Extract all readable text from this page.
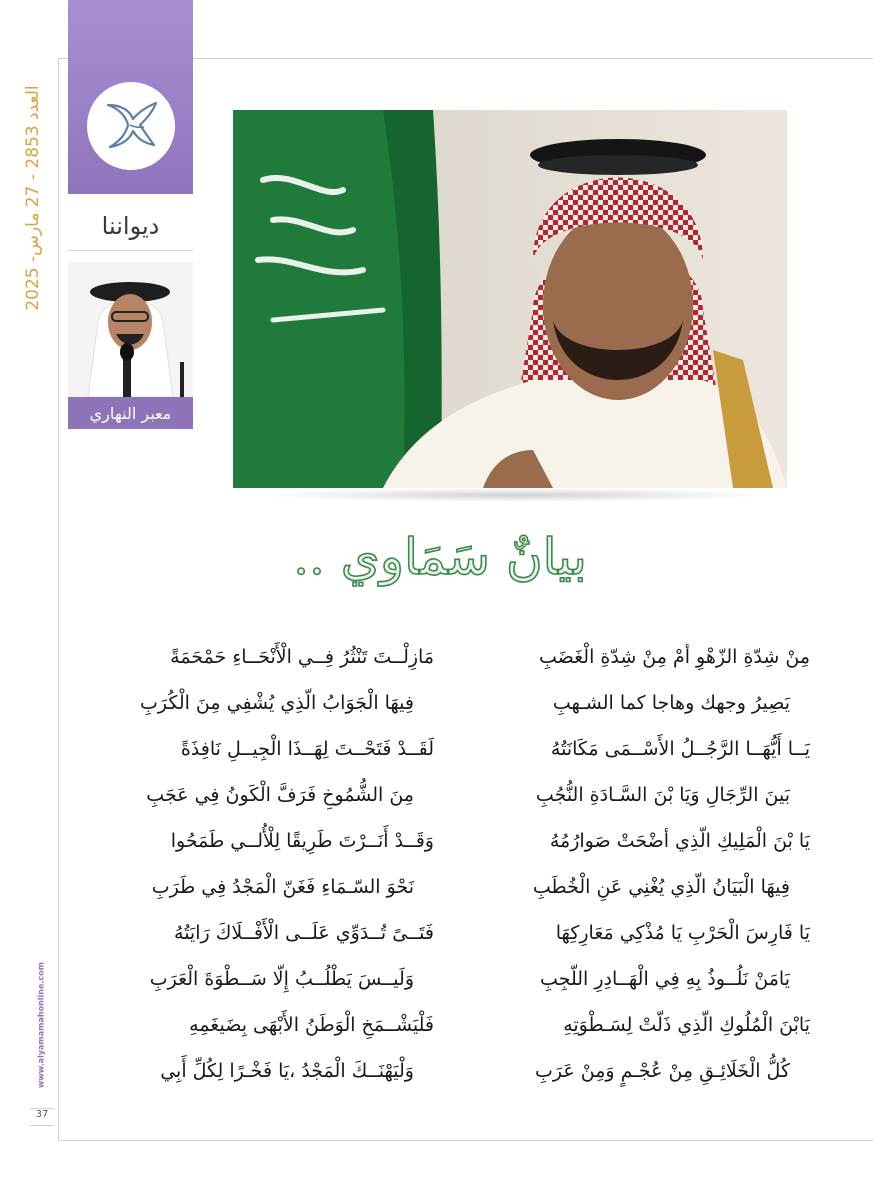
العدد 2853 - 27 مارس- 2025
ديواننا
معبر النهاري
بيانٌ سَمَاوي ..
مِنْ شِدّةِ الزّهْوِ أمْ مِنْ شِدّةِ الْغَضَبِ
يَصِيرُ وجهك وهاجا كما الشـهبِ
يَــا أَيُّهَــا الرَّجُــلُ الأَسْــمَى مَكَانَتُهُ
بَينَ الرِّجَالِ وَيَا بْنَ السَّـادَةِ النُّجُبِ
يَا بْنَ الْمَلِيكِ الّذِي أضْحَتْ صَوارُمُهُ
فِيهَا الْبَيَانُ الّذِي يُغْنِي عَنِ الْخُطَبِ
يَا فَارِسَ الْحَرْبِ يَا مُذْكِي مَعَارِكِهَا
يَامَنْ نَلُــوذُ بِهِ فِي الْهَــادِرِ اللّجِبِ
يَابْنَ الْمُلُوكِ الّذِي ذَلّتْ لِسَـطْوَتِهِ
كُلُّ الْخَلَائِـقِ مِنْ عُجْـمٍ وَمِنْ عَرَبِ
مَازِلْــتَ تَنْثُرُ فِــي الْأَنْحَــاءِ حَمْحَمَةً
فِيهَا الْجَوَابُ الّذِي يُشْفِي مِنَ الْكُرَبِ
لَقَــدْ فَتَحْــتَ لِهَــذَا الْجِيــلِ نَافِذَةً
مِنَ الشُّمُوخِ فَرَفَّ الْكَونُ فِي عَجَبِ
وَقَــدْ أَنَــرْتَ طَرِيقًا لِلْأُلــي طَمَحُوا
نَحْوَ السّـمَاءِ فَغَنّ الْمَجْدُ فِي طَرَبِ
فَتَــىً تُــدَوِّي عَلَــى الْأَفْــلَاكَ رَايَتُهُ
وَلَيــسَ يَطْلُــبُ إِلّا سَــطْوَةَ الْعَرَبِ
فَلْيَشْــمَخِ الْوَطَنُ الأَبْهَى بِضَيغَمِهِ
وَلْيَهْنَــكَ الْمَجْدُ ،يَا فَخْـرًا لِكُلِّ أَبِي
www.alyamamahonline.com
37
